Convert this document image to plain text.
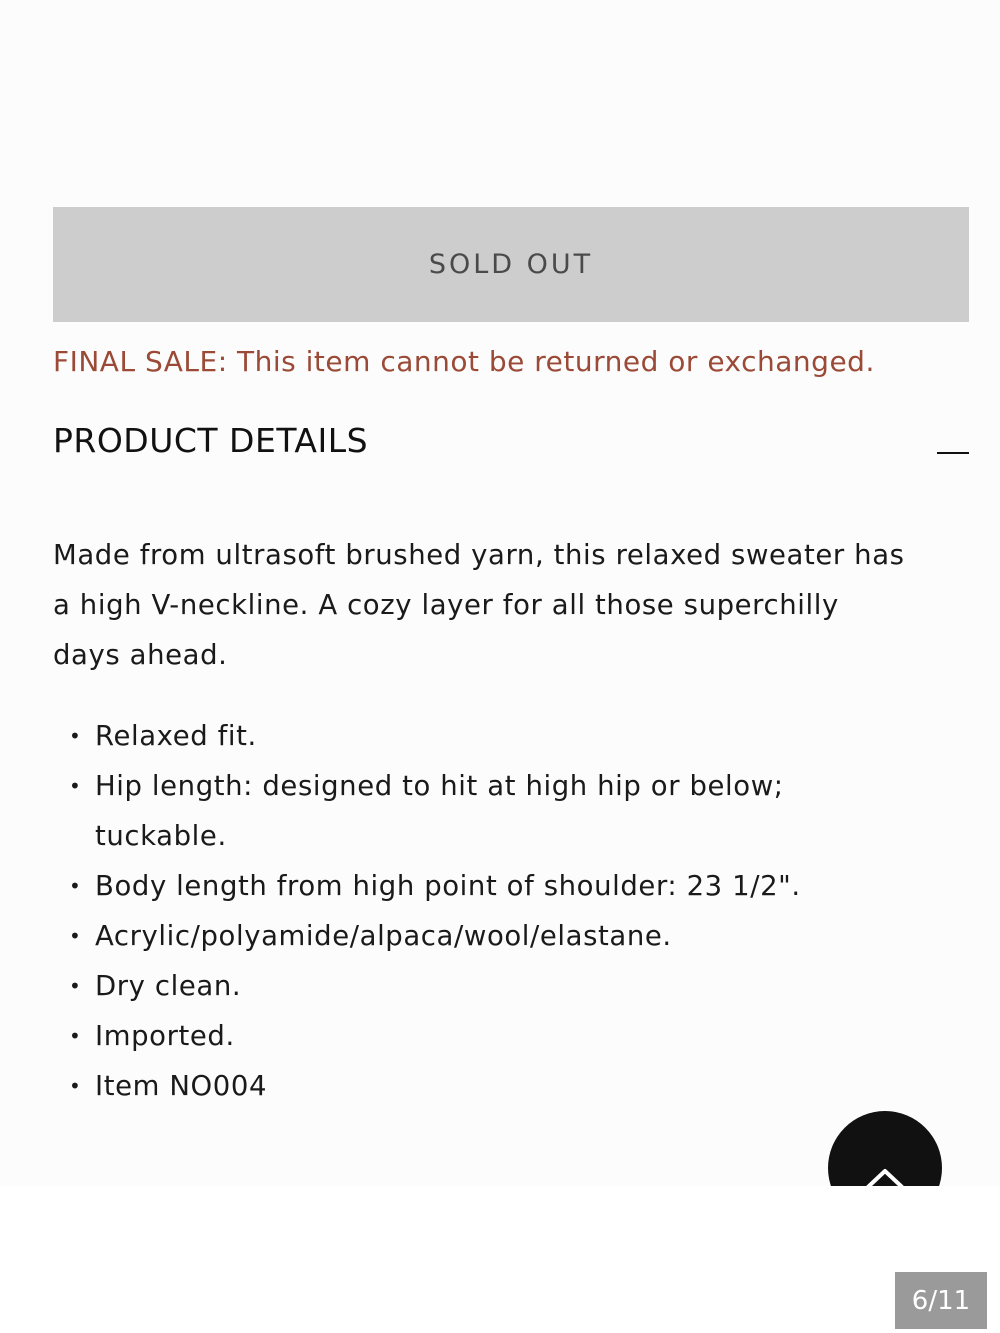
SOLD OUT
FINAL SALE: This item cannot be returned or exchanged.
PRODUCT DETAILS

Made from ultrasoft brushed yarn, this relaxed sweater has
a high V-neckline. A cozy layer for all those superchilly
days ahead.

• Relaxed fit.
• Hip length: designed to hit at high hip or below;
tuckable.
• Body length from high point of shoulder: 23 1/2".
• Acrylic/polyamide/alpaca/wool/elastane.
• Dry clean.
• Imported.
• Item NO004
6/11
